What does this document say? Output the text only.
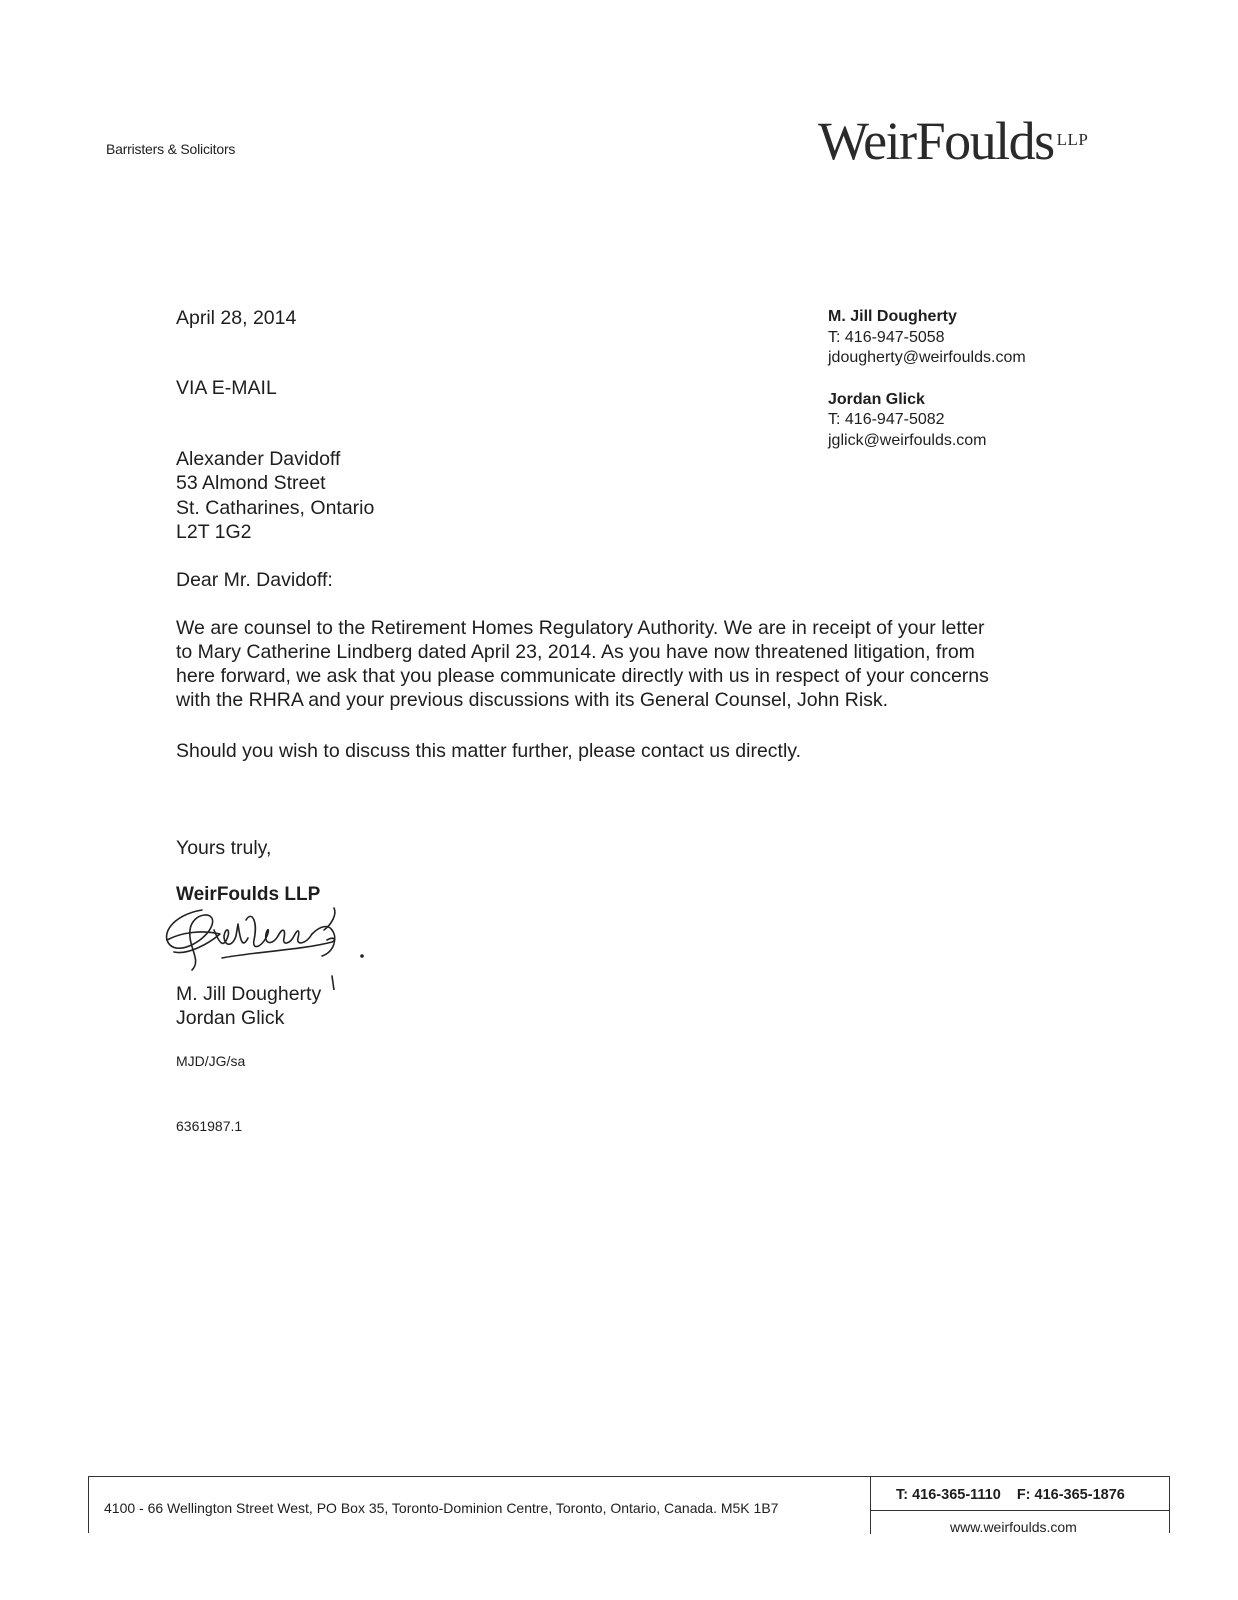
Barristers & Solicitors	WeirFoulds $^{LLP}$
M. Jill Dougherty
T: 416-947-5058
jdougherty@weirfoulds.com
Jordan Glick
T: 416-947-5082
jglick@weirfoulds.com
April 28, 2014
VIA E-MAIL
Alexander Davidoff
53 Almond Street
St. Catharines, Ontario
L2T 1G2
Dear Mr. Davidoff:
We are counsel to the Retirement Homes Regulatory Authority. We are in receipt of your letter
to Mary Catherine Lindberg dated April 23, 2014. As you have now threatened litigation, from
here forward, we ask that you please communicate directly with us in respect of your concerns
with the RHRA and your previous discussions with its General Counsel, John Risk.
Should you wish to discuss this matter further, please contact us directly.
Yours truly,
WeirFoulds LLP
M. Jill Dougherty
Jordan Glick
MJD/JG/sa
6361987.1
4100 - 66 Wellington Street West, PO Box 35, Toronto-Dominion Centre, Toronto, Ontario, Canada. M5K 1B7
T: 416-365-1110 F: 416-365-1876
www.weirfoulds.com
